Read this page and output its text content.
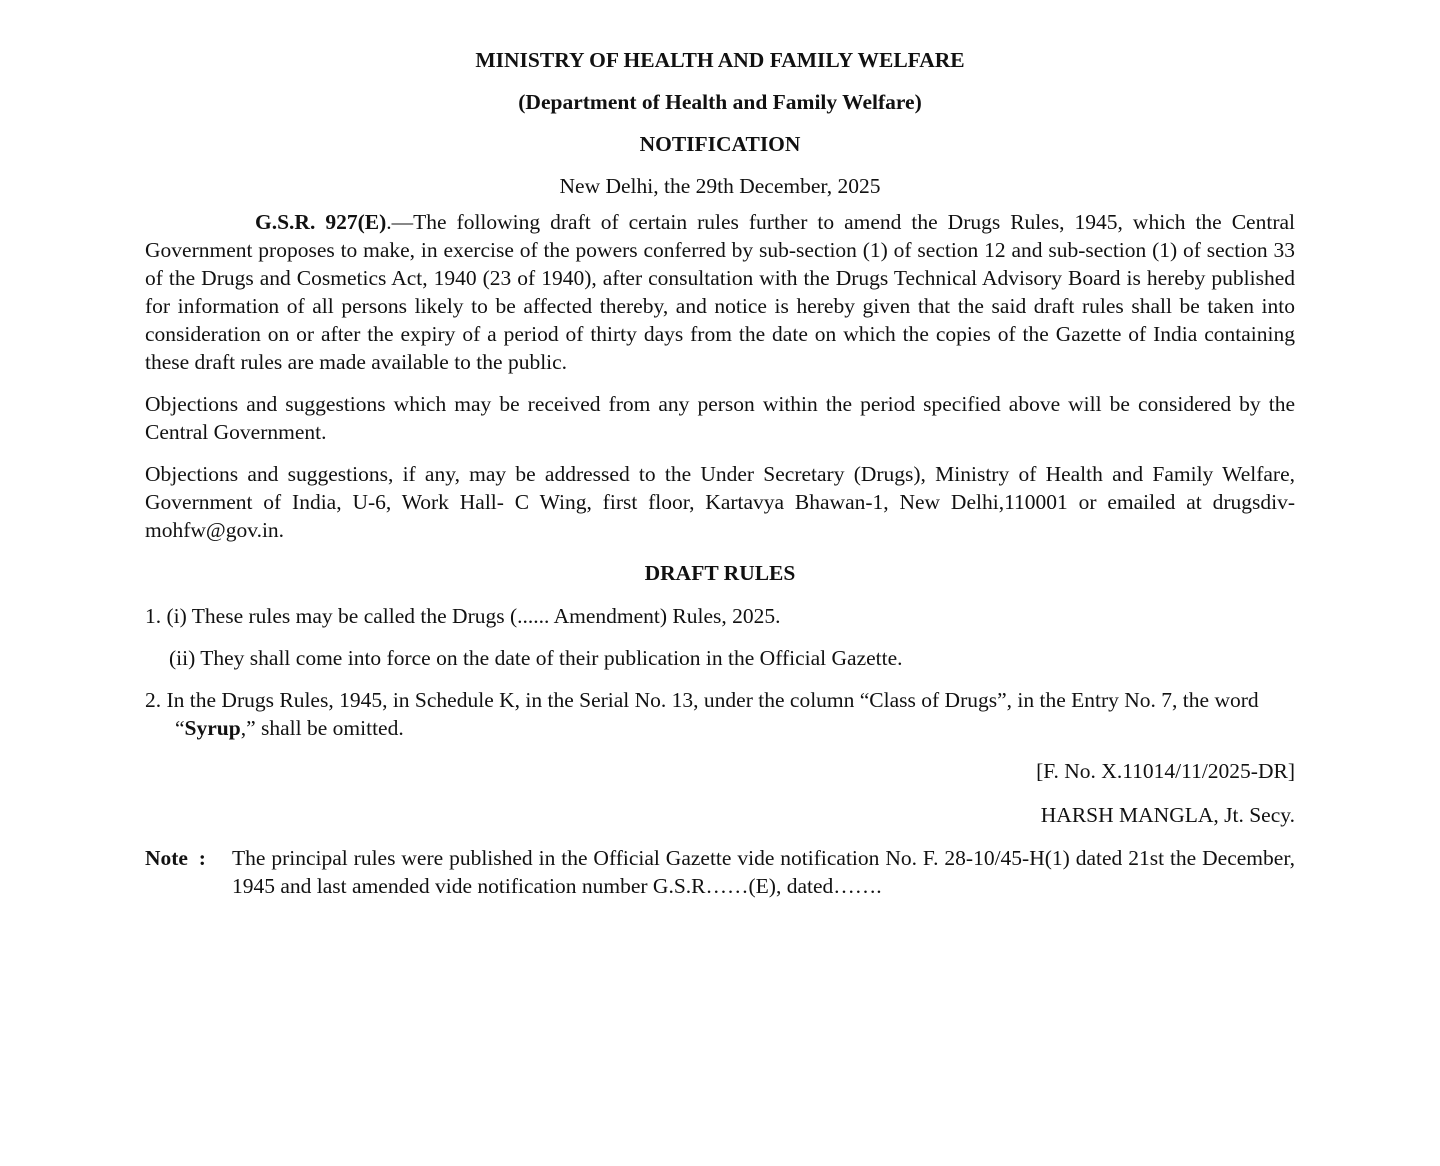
MINISTRY OF HEALTH AND FAMILY WELFARE
(Department of Health and Family Welfare)
NOTIFICATION
New Delhi, the 29th December, 2025

G.S.R. 927(E).—The following draft of certain rules further to amend the Drugs Rules, 1945, which the Central Government proposes to make, in exercise of the powers conferred by sub-section (1) of section 12 and sub-section (1) of section 33 of the Drugs and Cosmetics Act, 1940 (23 of 1940), after consultation with the Drugs Technical Advisory Board is hereby published for information of all persons likely to be affected thereby, and notice is hereby given that the said draft rules shall be taken into consideration on or after the expiry of a period of thirty days from the date on which the copies of the Gazette of India containing these draft rules are made available to the public.

Objections and suggestions which may be received from any person within the period specified above will be considered by the Central Government.

Objections and suggestions, if any, may be addressed to the Under Secretary (Drugs), Ministry of Health and Family Welfare, Government of India, U-6, Work Hall- C Wing, first floor, Kartavya Bhawan-1, New Delhi,110001 or emailed at drugsdiv-mohfw@gov.in.

DRAFT RULES
1. (i) These rules may be called the Drugs (...... Amendment) Rules, 2025.
(ii) They shall come into force on the date of their publication in the Official Gazette.
2. In the Drugs Rules, 1945, in Schedule K, in the Serial No. 13, under the column “Class of Drugs”, in the Entry No. 7, the word “Syrup,” shall be omitted.
[F. No. X.11014/11/2025-DR]
HARSH MANGLA, Jt. Secy.
Note  :	The principal rules were published in the Official Gazette vide notification No. F. 28-10/45-H(1) dated 21st the December, 1945 and last amended vide notification number G.S.R……(E), dated…….
